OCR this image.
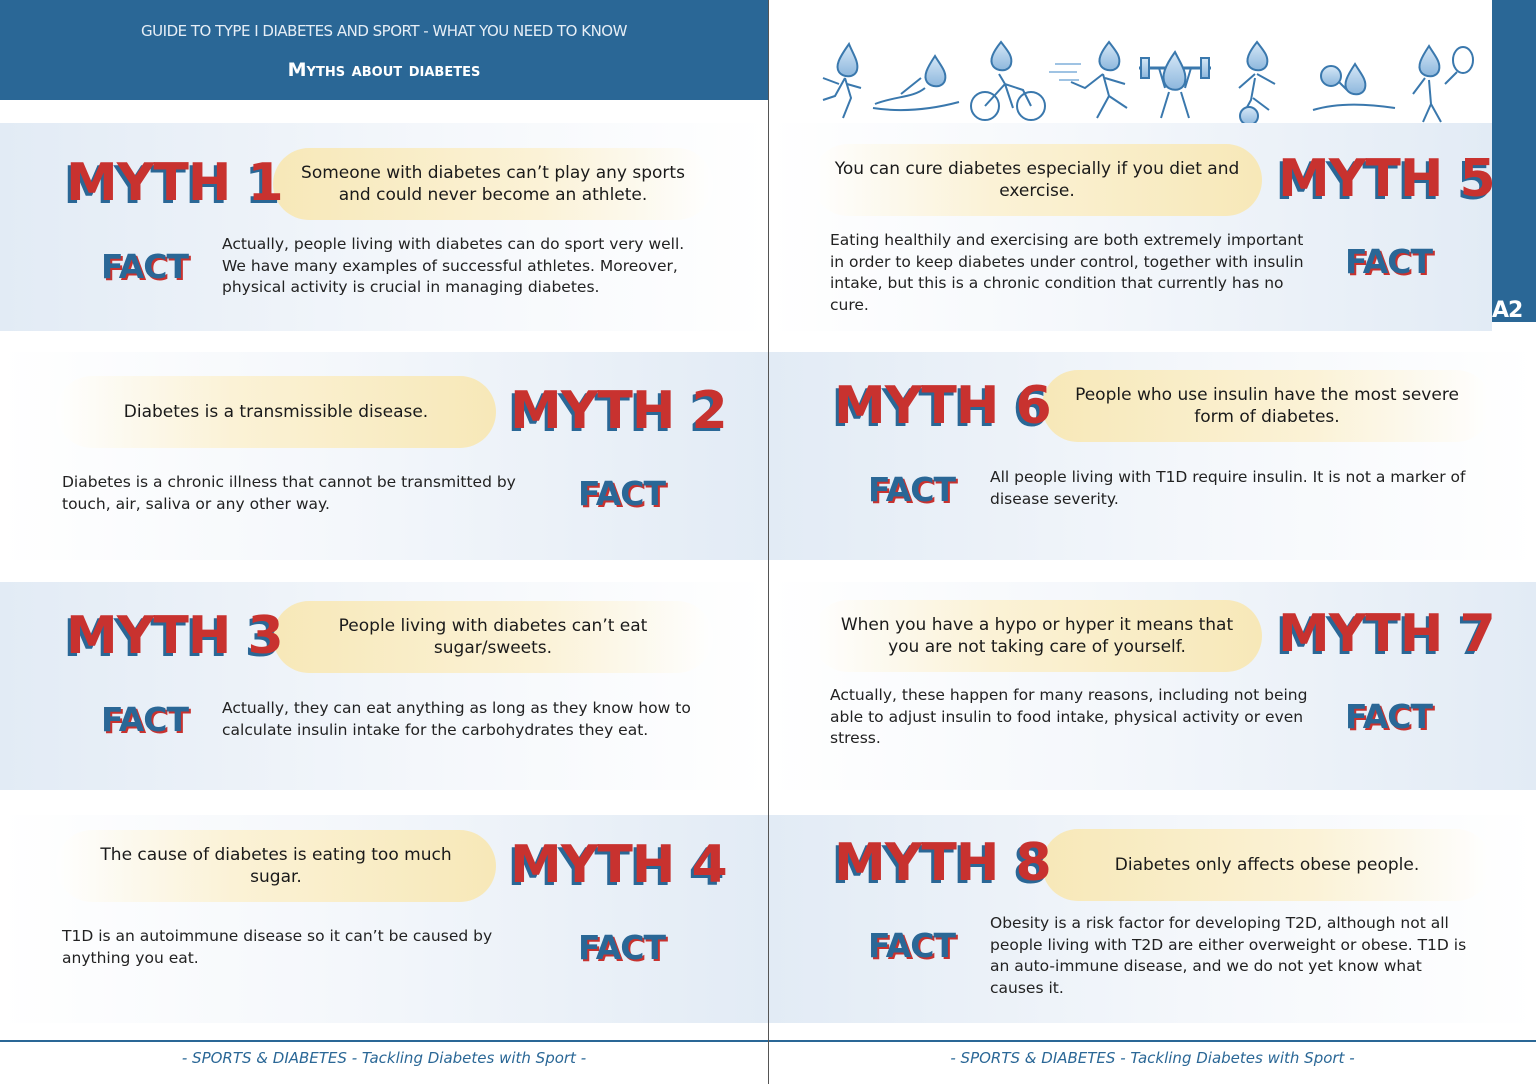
GUIDE TO TYPE I DIABETES AND SPORT - WHAT YOU NEED TO KNOW
Myths about diabetes
Someone with diabetes can’t play any sports and could never become an athlete.
MYTH 1
FACT
Actually, people living with diabetes can do sport very well. We have many examples of successful athletes. Moreover, physical activity is crucial in managing diabetes.
Diabetes is a transmissible disease.	MYTH 2
FACT
Diabetes is a chronic illness that cannot be transmitted by touch, air, saliva or any other way.
People living with diabetes can’t eat sugar/sweets.
MYTH 3
FACT Actually, they can eat anything as long as they know how to calculate insulin intake for the carbohydrates they eat.
The cause of diabetes is eating too much sugar.	MYTH 4
FACT
T1D is an autoimmune disease so it can’t be caused by anything you eat.
A2
You can cure diabetes especially if you diet and exercise.	MYTH 5
FACT
Eating healthily and exercising are both extremely important in order to keep diabetes under control, together with insulin intake, but this is a chronic condition that currently has no cure.
People who use insulin have the most severe form of diabetes.
MYTH 6
FACT All people living with T1D require insulin. It is not a marker of disease severity.
When you have a hypo or hyper it means that you are not taking care of yourself.	MYTH 7
FACT
Actually, these happen for many reasons, including not being able to adjust insulin to food intake, physical activity or even stress.
Diabetes only affects obese people.
MYTH 8
FACT
Obesity is a risk factor for developing T2D, although not all people living with T2D are either overweight or obese. T1D is an auto-immune disease, and we do not yet know what causes it.
- SPORTS & DIABETES - Tackling Diabetes with Sport -	- SPORTS & DIABETES - Tackling Diabetes with Sport -
